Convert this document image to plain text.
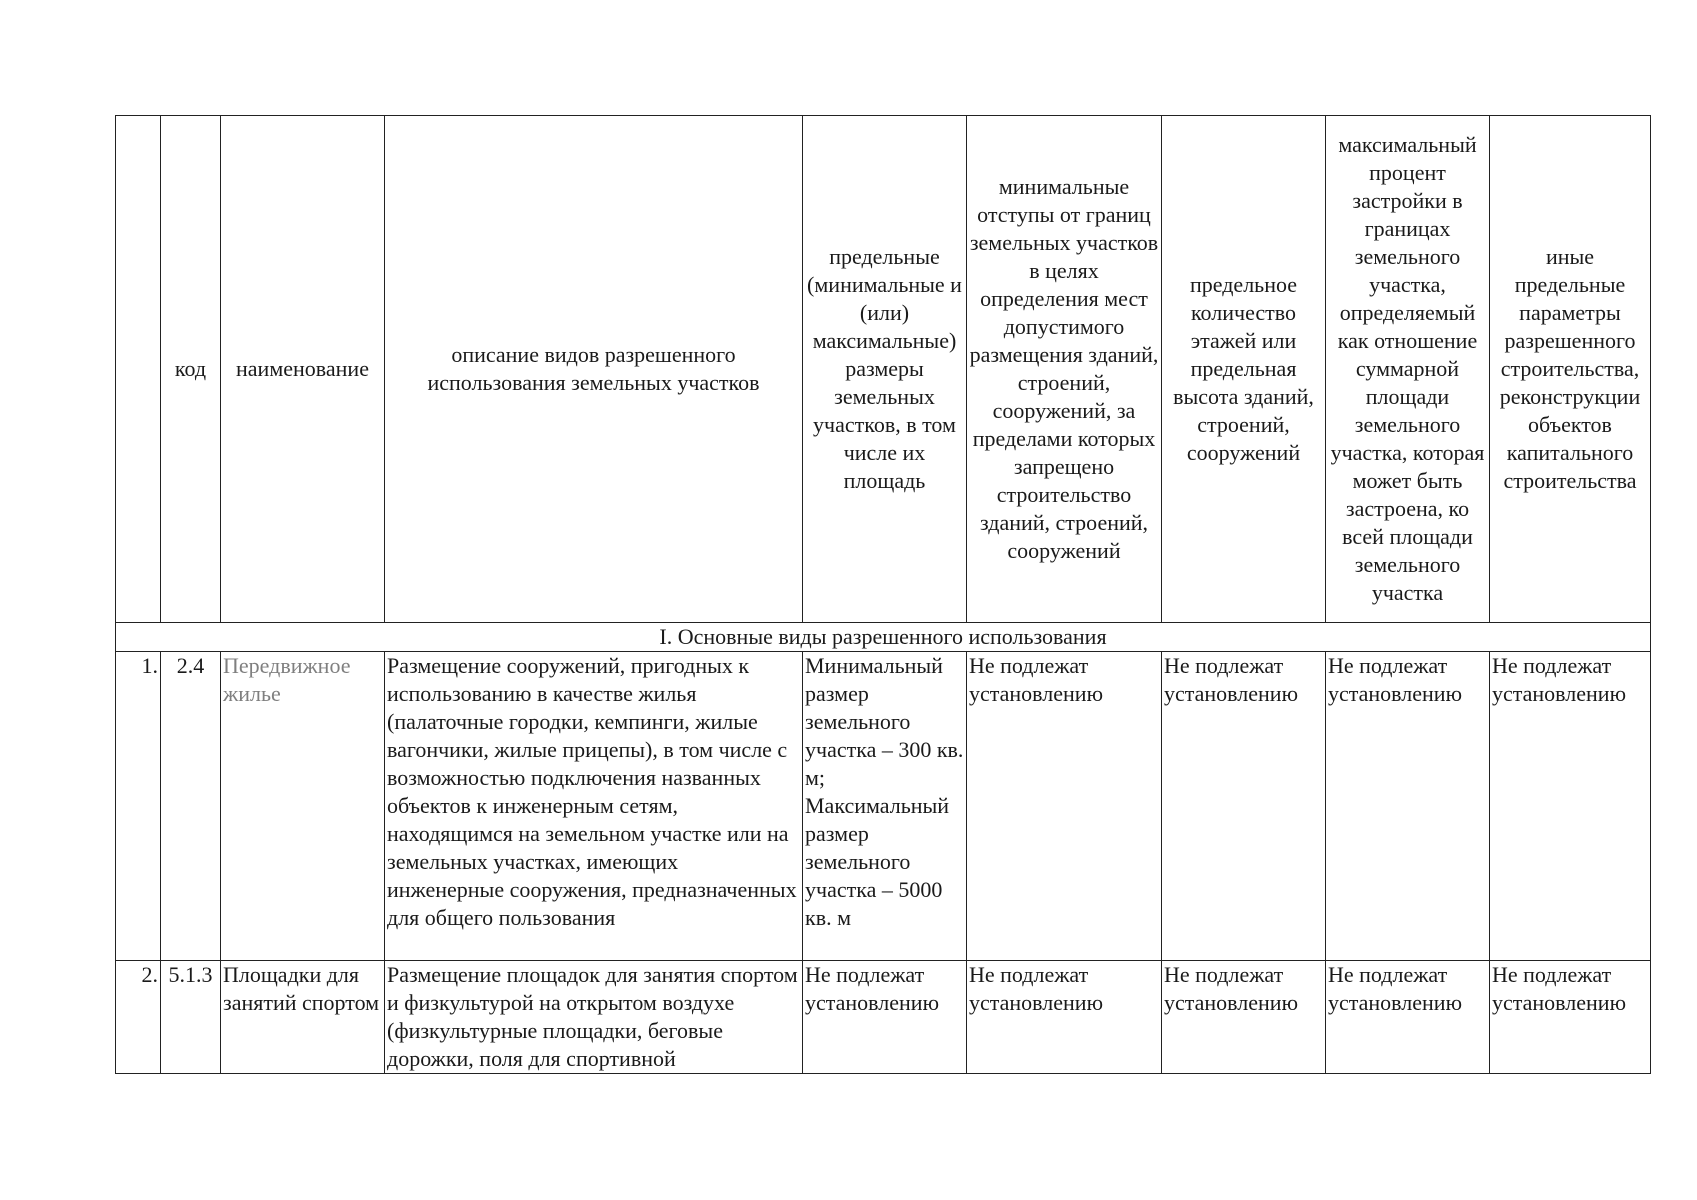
	код	наименование	описание видов разрешенного использования земельных участков	предельные (минимальные и (или) максимальные) размеры земельных участков, в том числе их площадь	минимальные отступы от границ земельных участков в целях определения мест допустимого размещения зданий, строений, сооружений, за пределами которых запрещено строительство зданий, строений, сооружений	предельное количество этажей или предельная высота зданий, строений, сооружений	максимальный процент застройки в границах земельного участка, определяемый как отношение суммарной площади земельного участка, которая может быть застроена, ко всей площади земельного участка	иные предельные параметры разрешенного строительства, реконструкции объектов капитального строительства
I. Основные виды разрешенного использования								
1.	2.4	Передвижное жилье	Размещение сооружений, пригодных к использованию в качестве жилья (палаточные городки, кемпинги, жилые вагончики, жилые прицепы), в том числе с возможностью подключения названных объектов к инженерным сетям, находящимся на земельном участке или на земельных участках, имеющих инженерные сооружения, предназначенных для общего пользования	Минимальный размер земельного участка – 300 кв. м; Максимальный размер земельного участка – 5000 кв. м	Не подлежат установлению	Не подлежат установлению	Не подлежат установлению	Не подлежат установлению
2.	5.1.3	Площадки для занятий спортом	Размещение площадок для занятия спортом и физкультурой на открытом воздухе (физкультурные площадки, беговые дорожки, поля для спортивной	Не подлежат установлению	Не подлежат установлению	Не подлежат установлению	Не подлежат установлению	Не подлежат установлению
